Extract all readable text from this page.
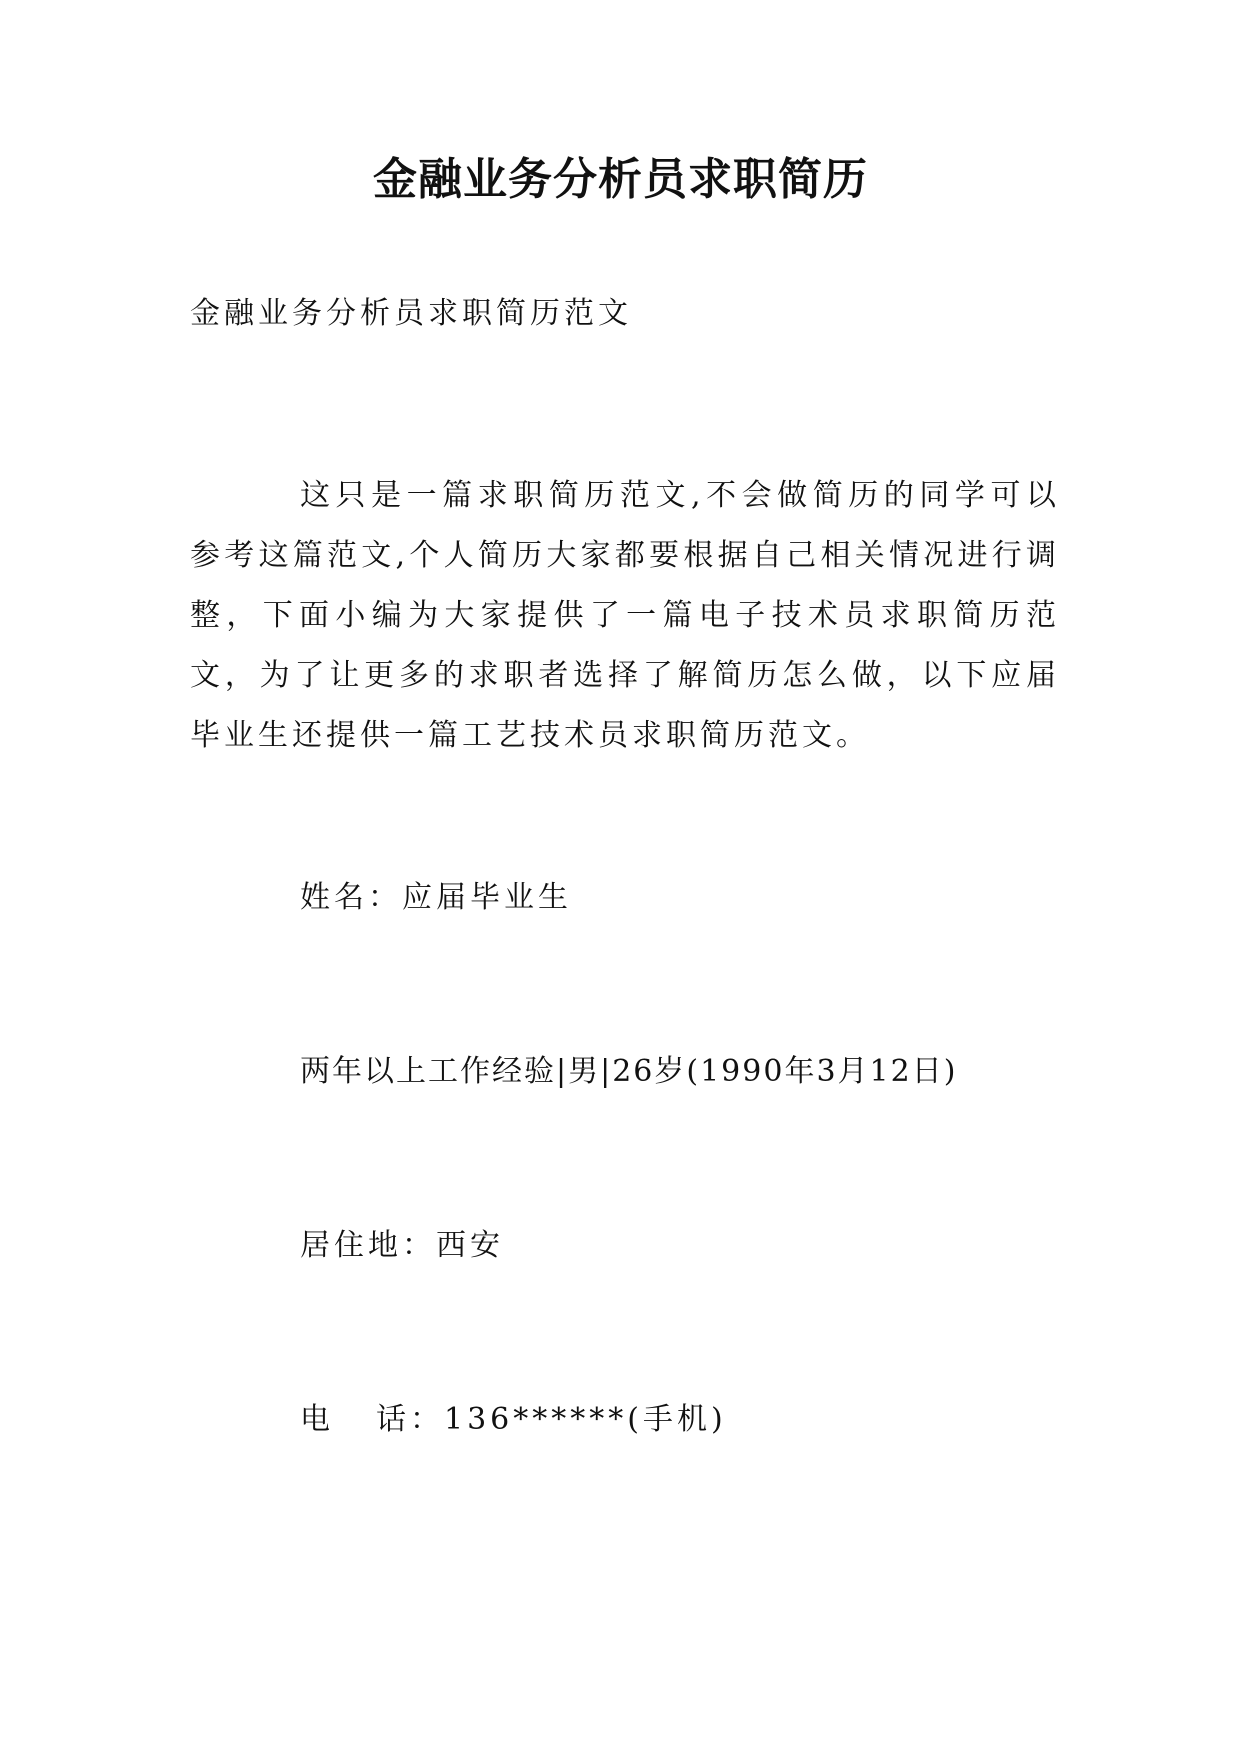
金融业务分析员求职简历

金融业务分析员求职简历范文

这只是一篇求职简历范文,不会做简历的同学可以参考这篇范文,个人简历大家都要根据自己相关情况进行调整，下面小编为大家提供了一篇电子技术员求职简历范文，为了让更多的求职者选择了解简历怎么做，以下应届毕业生还提供一篇工艺技术员求职简历范文。

姓名：应届毕业生

两年以上工作经验|男|26岁(1990年3月12日)

居住地：西安

电 话：136******(手机)
